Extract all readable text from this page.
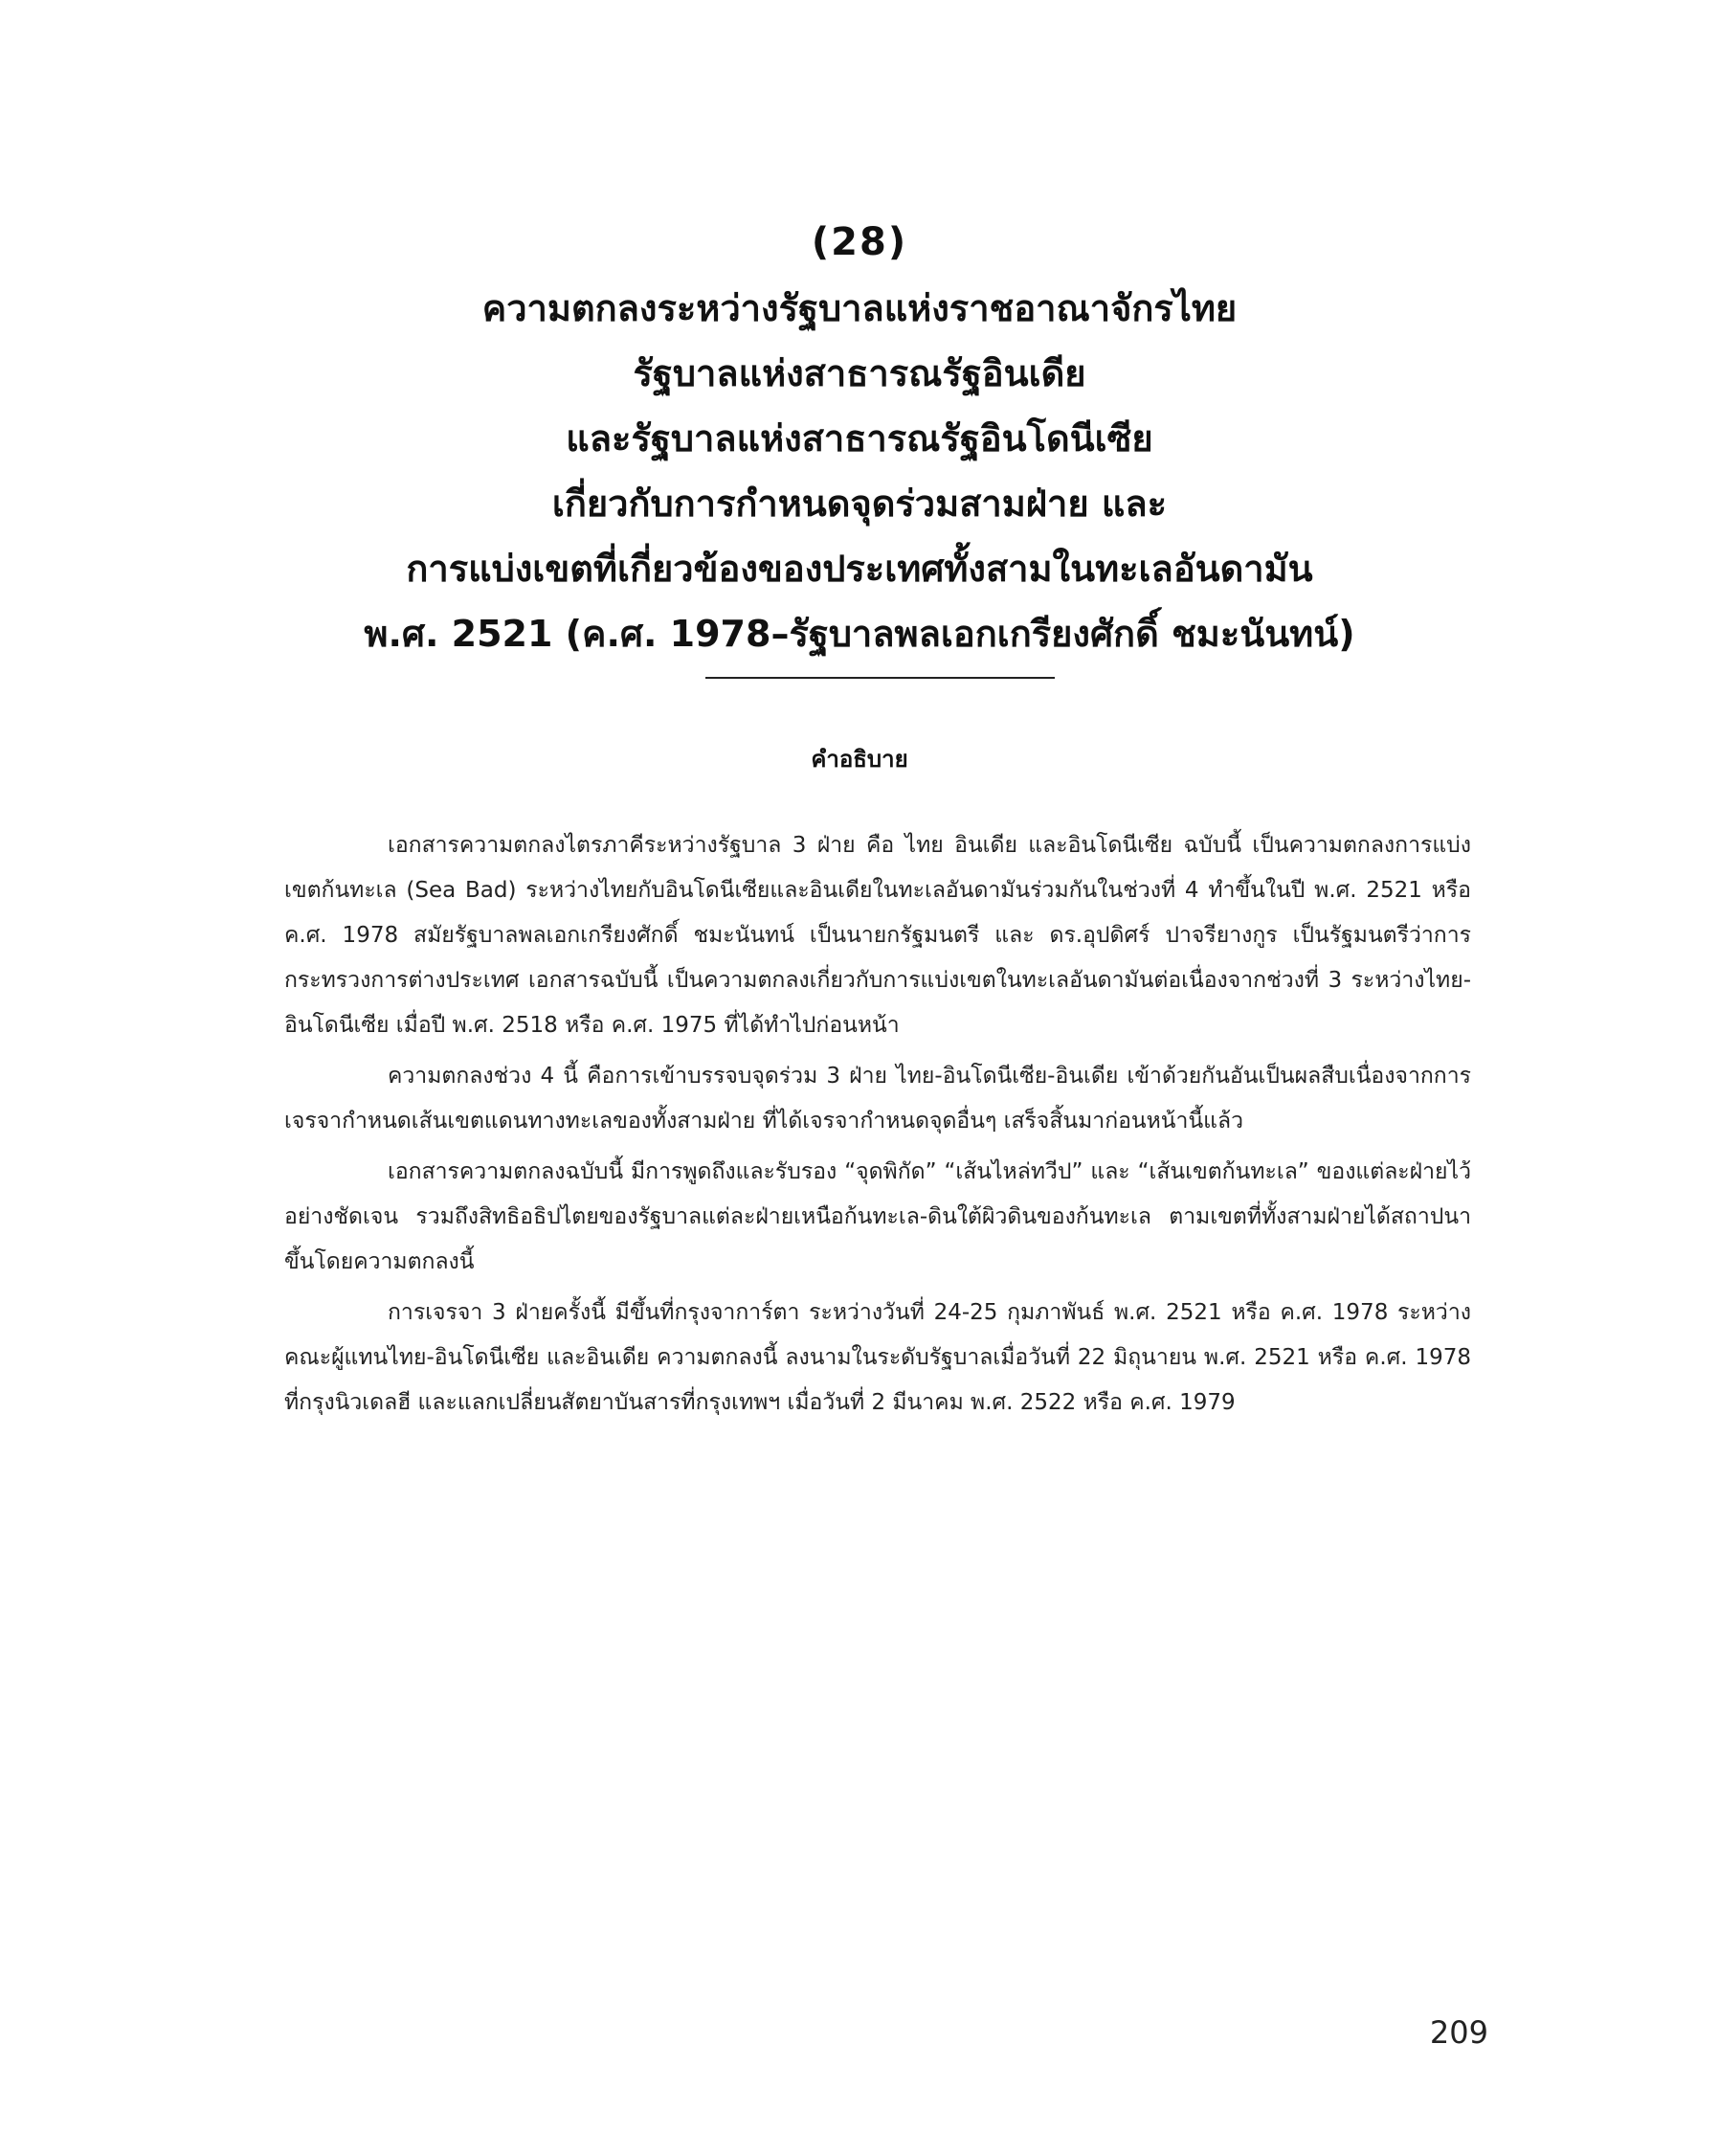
(28)
ความตกลงระหว่างรัฐบาลแห่งราชอาณาจักรไทย
รัฐบาลแห่งสาธารณรัฐอินเดีย
และรัฐบาลแห่งสาธารณรัฐอินโดนีเซีย
เกี่ยวกับการกำหนดจุดร่วมสามฝ่าย และ
การแบ่งเขตที่เกี่ยวข้องของประเทศทั้งสามในทะเลอันดามัน
พ.ศ. 2521 (ค.ศ. 1978–รัฐบาลพลเอกเกรียงศักดิ์ ชมะนันทน์)
คำอธิบาย

เอกสารความตกลงไตรภาคีระหว่างรัฐบาล 3 ฝ่าย คือ ไทย อินเดีย และอินโดนีเซีย ฉบับนี้ เป็นความตกลงการแบ่งเขตก้นทะเล (Sea Bad) ระหว่างไทยกับอินโดนีเซียและอินเดียในทะเลอันดามันร่วมกันในช่วงที่ 4 ทำขึ้นในปี พ.ศ. 2521 หรือ ค.ศ. 1978 สมัยรัฐบาลพลเอกเกรียงศักดิ์ ชมะนันทน์ เป็นนายกรัฐมนตรี และ ดร.อุปดิศร์ ปาจรียางกูร เป็นรัฐมนตรีว่าการกระทรวงการต่างประเทศ เอกสารฉบับนี้ เป็นความตกลงเกี่ยวกับการแบ่งเขตในทะเลอันดามันต่อเนื่องจากช่วงที่ 3 ระหว่างไทย-อินโดนีเซีย เมื่อปี พ.ศ. 2518 หรือ ค.ศ. 1975 ที่ได้ทำไปก่อนหน้า

ความตกลงช่วง 4 นี้ คือการเข้าบรรจบจุดร่วม 3 ฝ่าย ไทย-อินโดนีเซีย-อินเดีย เข้าด้วยกันอันเป็นผลสืบเนื่องจากการเจรจากำหนดเส้นเขตแดนทางทะเลของทั้งสามฝ่าย ที่ได้เจรจากำหนดจุดอื่นๆ เสร็จสิ้นมาก่อนหน้านี้แล้ว

เอกสารความตกลงฉบับนี้ มีการพูดถึงและรับรอง “จุดพิกัด” “เส้นไหล่ทวีป” และ “เส้นเขตก้นทะเล” ของแต่ละฝ่ายไว้อย่างชัดเจน รวมถึงสิทธิอธิปไตยของรัฐบาลแต่ละฝ่ายเหนือก้นทะเล-ดินใต้ผิวดินของก้นทะเล ตามเขตที่ทั้งสามฝ่ายได้สถาปนาขึ้นโดยความตกลงนี้

การเจรจา 3 ฝ่ายครั้งนี้ มีขึ้นที่กรุงจาการ์ตา ระหว่างวันที่ 24-25 กุมภาพันธ์ พ.ศ. 2521 หรือ ค.ศ. 1978 ระหว่างคณะผู้แทนไทย-อินโดนีเซีย และอินเดีย ความตกลงนี้ ลงนามในระดับรัฐบาลเมื่อวันที่ 22 มิถุนายน พ.ศ. 2521 หรือ ค.ศ. 1978 ที่กรุงนิวเดลฮี และแลกเปลี่ยนสัตยาบันสารที่กรุงเทพฯ เมื่อวันที่ 2 มีนาคม พ.ศ. 2522 หรือ ค.ศ. 1979

209
